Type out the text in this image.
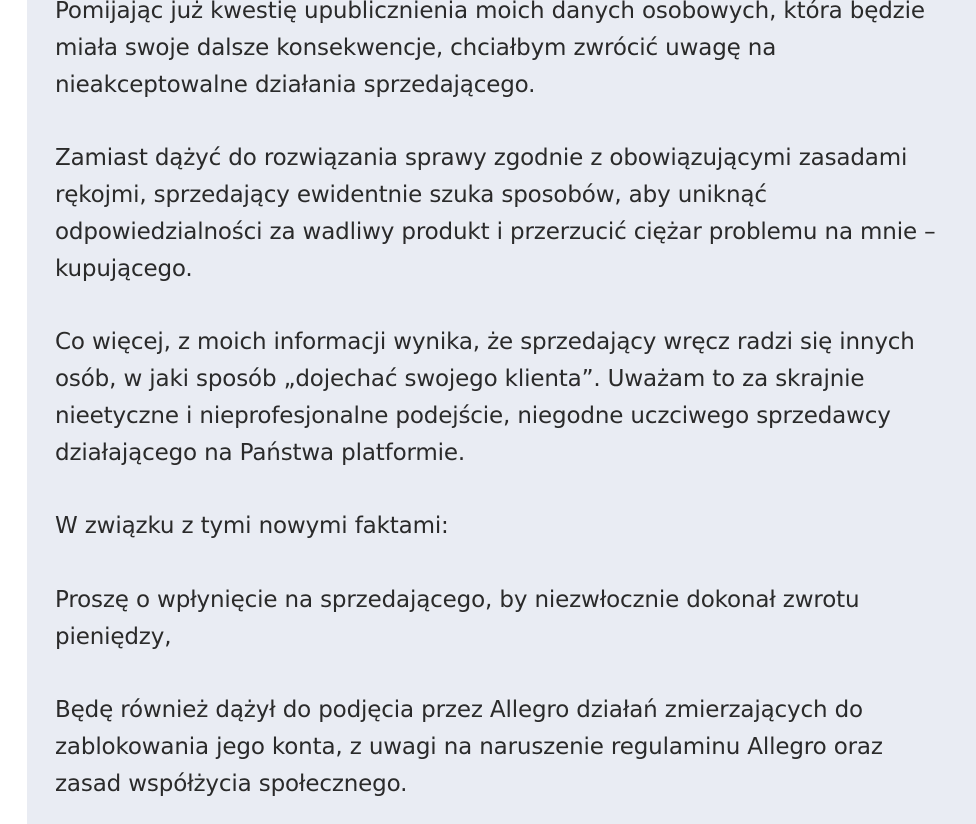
Pomijając już kwestię upublicznienia moich danych osobowych, która będzie
miała swoje dalsze konsekwencje, chciałbym zwrócić uwagę na
nieakceptowalne działania sprzedającego.

Zamiast dążyć do rozwiązania sprawy zgodnie z obowiązującymi zasadami
rękojmi, sprzedający ewidentnie szuka sposobów, aby uniknąć
odpowiedzialności za wadliwy produkt i przerzucić ciężar problemu na mnie –
kupującego.

Co więcej, z moich informacji wynika, że sprzedający wręcz radzi się innych
osób, w jaki sposób „dojechać swojego klienta”. Uważam to za skrajnie
nieetyczne i nieprofesjonalne podejście, niegodne uczciwego sprzedawcy
działającego na Państwa platformie.

W związku z tymi nowymi faktami:

Proszę o wpłynięcie na sprzedającego, by niezwłocznie dokonał zwrotu
pieniędzy,

Będę również dążył do podjęcia przez Allegro działań zmierzających do
zablokowania jego konta, z uwagi na naruszenie regulaminu Allegro oraz
zasad współżycia społecznego.
